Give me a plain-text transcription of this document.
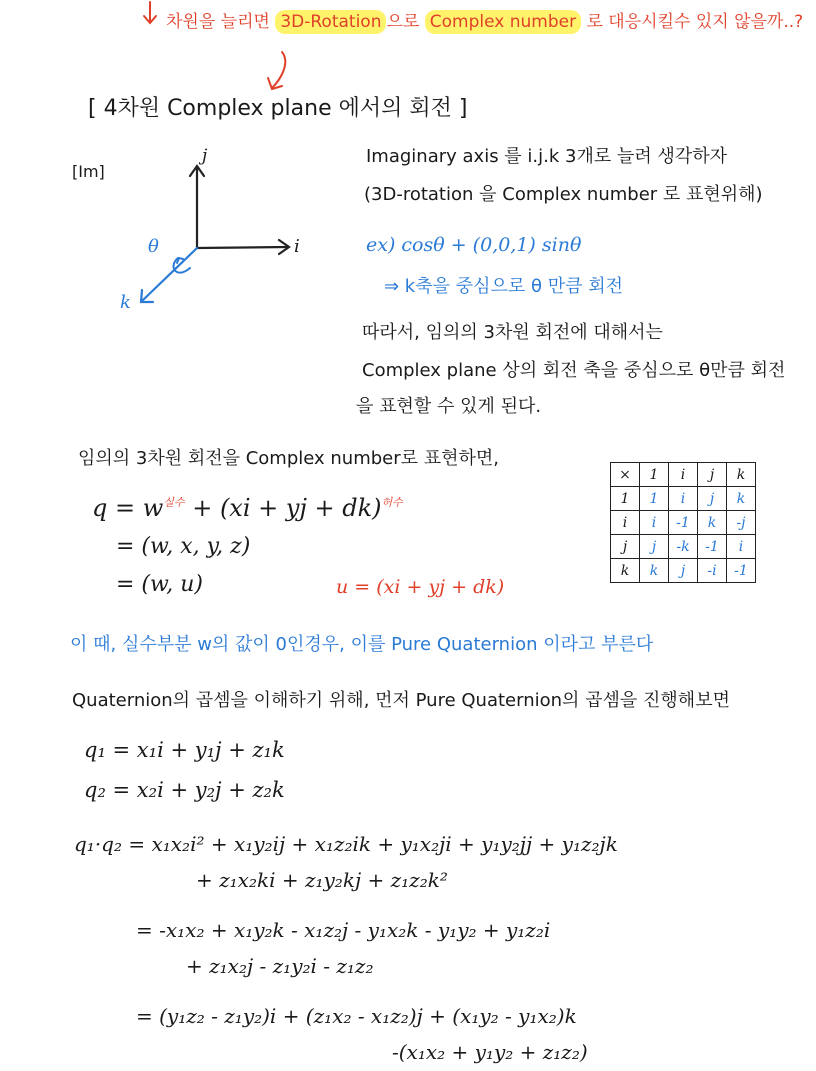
차원을 늘리면 3D-Rotation 으로 Complex number 로 대응시킬수 있지 않을까..?
[ 4차원 Complex plane 에서의 회전 ]
[Im]
j
i
k
θ
Imaginary axis 를 i.j.k 3개로 늘려 생각하자
(3D-rotation 을 Complex number 로 표현위해)
ex) cosθ + (0,0,1) sinθ
⇒ k축을 중심으로 θ 만큼 회전
따라서, 임의의 3차원 회전에 대해서는
Complex plane 상의 회전 축을 중심으로 θ만큼 회전
을 표현할 수 있게 된다.
임의의 3차원 회전을 Complex number로 표현하면,
$q = w^{실수} + (xi$ + yj + dk)$^{허수}$
= (w, x, y, z)
= (w, u)	u = (xi + yj + dk)
×	1	i	j	k
1	1	i	j	k
i	i	-1	k	-j
j	j	-k	-1	i
k	k	j	-i	-1
이 때, 실수부분 w의 값이 0인경우, 이를 Pure Quaternion 이라고 부른다
Quaternion의 곱셈을 이해하기 위해, 먼저 Pure Quaternion의 곱셈을 진행해보면
q₁ = x₁i + y₁j + z₁k
q₂ = x₂i + y₂j + z₂k
q₁·q₂ = x₁x₂i² + x₁y₂ij + x₁z₂ik + y₁x₂ji + y₁y₂jj + y₁z₂jk
+ z₁x₂ki + z₁y₂kj + z₁z₂k²
= -x₁x₂ + x₁y₂k - x₁z₂j - y₁x₂k - y₁y₂ + y₁z₂i
+ z₁x₂j - z₁y₂i - z₁z₂
= (y₁z₂ - z₁y₂)i + (z₁x₂ - x₁z₂)j + (x₁y₂ - y₁x₂)k
-(x₁x₂ + y₁y₂ + z₁z₂)
